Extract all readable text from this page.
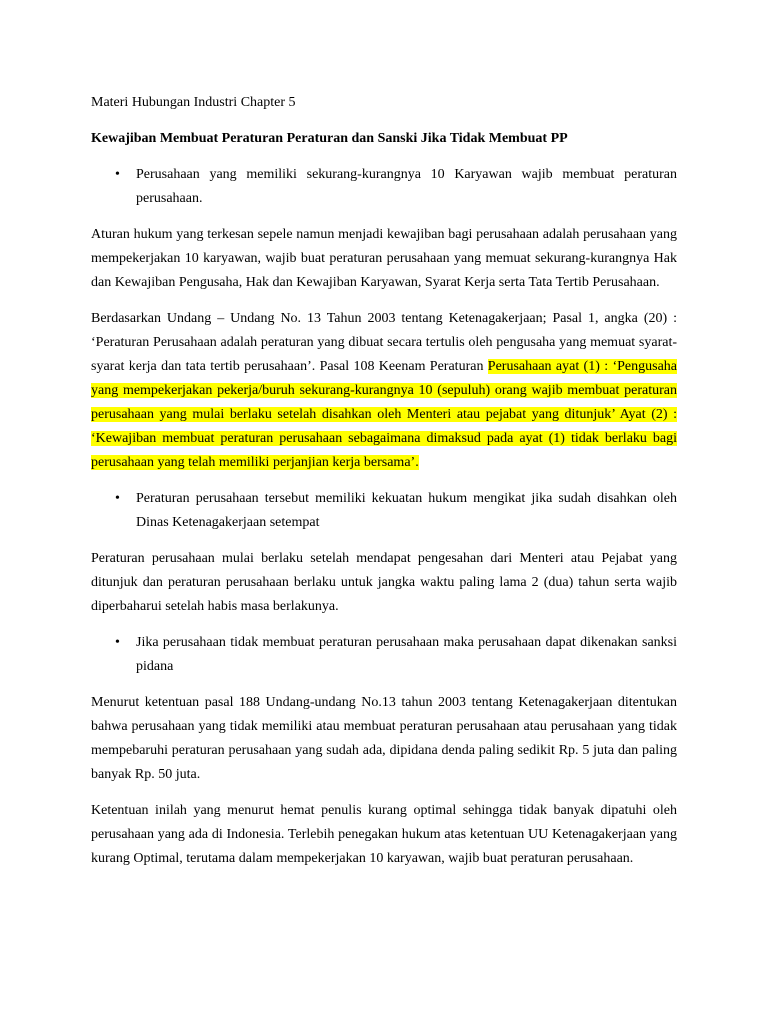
Materi Hubungan Industri Chapter 5

Kewajiban Membuat Peraturan Peraturan dan Sanski Jika Tidak Membuat PP

• Perusahaan yang memiliki sekurang-kurangnya 10 Karyawan wajib membuat peraturan perusahaan.

Aturan hukum yang terkesan sepele namun menjadi kewajiban bagi perusahaan adalah perusahaan yang mempekerjakan 10 karyawan, wajib buat peraturan perusahaan yang memuat sekurang-kurangnya Hak dan Kewajiban Pengusaha, Hak dan Kewajiban Karyawan, Syarat Kerja serta Tata Tertib Perusahaan.

Berdasarkan Undang – Undang No. 13 Tahun 2003 tentang Ketenagakerjaan; Pasal 1, angka (20) : ‘Peraturan Perusahaan adalah peraturan yang dibuat secara tertulis oleh pengusaha yang memuat syarat-syarat kerja dan tata tertib perusahaan’. Pasal 108 Keenam Peraturan Perusahaan ayat (1) : ‘Pengusaha yang mempekerjakan pekerja/buruh sekurang-kurangnya 10 (sepuluh) orang wajib membuat peraturan perusahaan yang mulai berlaku setelah disahkan oleh Menteri atau pejabat yang ditunjuk’ Ayat (2) : ‘Kewajiban membuat peraturan perusahaan sebagaimana dimaksud pada ayat (1) tidak berlaku bagi perusahaan yang telah memiliki perjanjian kerja bersama’.

• Peraturan perusahaan tersebut memiliki kekuatan hukum mengikat jika sudah disahkan oleh Dinas Ketenagakerjaan setempat

Peraturan perusahaan mulai berlaku setelah mendapat pengesahan dari Menteri atau Pejabat yang ditunjuk dan peraturan perusahaan berlaku untuk jangka waktu paling lama 2 (dua) tahun serta wajib diperbaharui setelah habis masa berlakunya.

• Jika perusahaan tidak membuat peraturan perusahaan maka perusahaan dapat dikenakan sanksi pidana

Menurut ketentuan pasal 188 Undang-undang No.13 tahun 2003 tentang Ketenagakerjaan ditentukan bahwa perusahaan yang tidak memiliki atau membuat peraturan perusahaan atau perusahaan yang tidak mempebaruhi peraturan perusahaan yang sudah ada, dipidana denda paling sedikit Rp. 5 juta dan paling banyak Rp. 50 juta.

Ketentuan inilah yang menurut hemat penulis kurang optimal sehingga tidak banyak dipatuhi oleh perusahaan yang ada di Indonesia. Terlebih penegakan hukum atas ketentuan UU Ketenagakerjaan yang kurang Optimal, terutama dalam mempekerjakan 10 karyawan, wajib buat peraturan perusahaan.
